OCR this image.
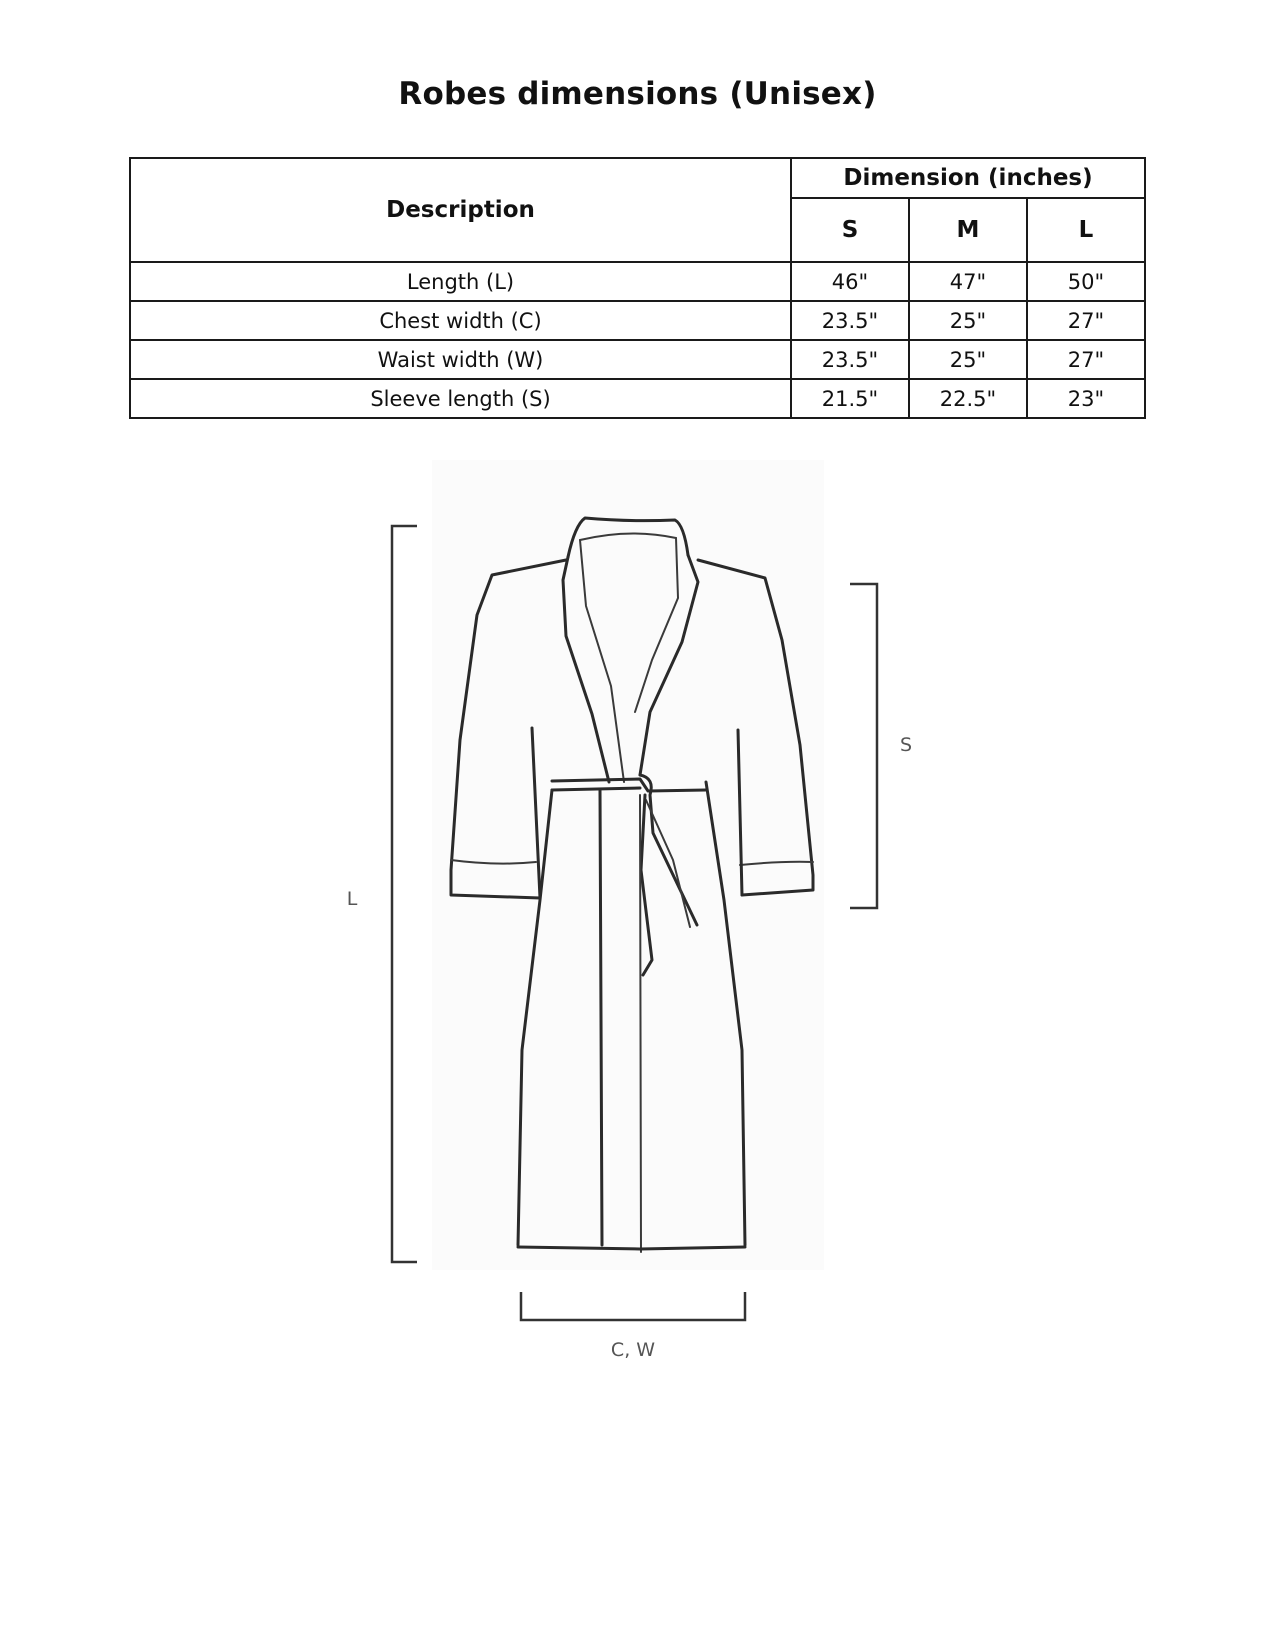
Robes dimensions (Unisex)
Description	Dimension (inches)		
	S	M	L
Length (L)	46"	47"	50"
Chest width (C)	23.5"	25"	27"
Waist width (W)	23.5"	25"	27"
Sleeve length (S)	21.5"	22.5"	23"
L
S
C, W
